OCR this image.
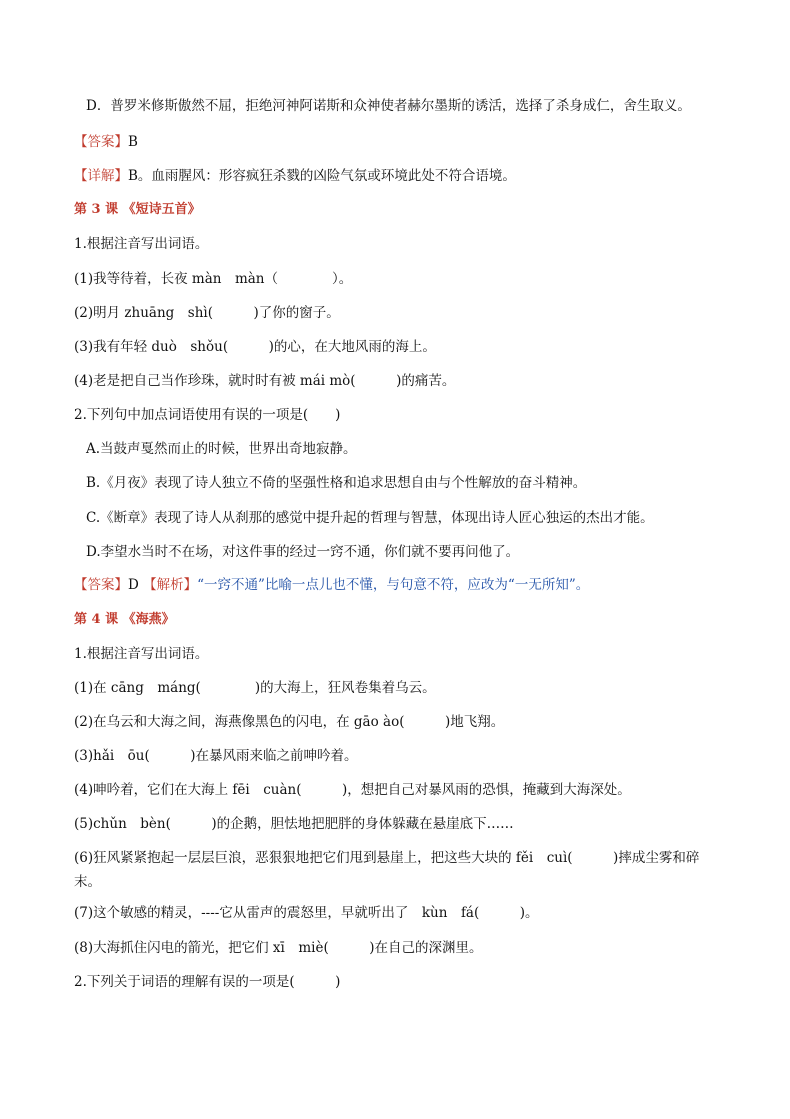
D．普罗米修斯傲然不屈，拒绝河神阿诺斯和众神使者赫尔墨斯的诱活，选择了杀身成仁，舍生取义。
【答案】B
【详解】B。血雨腥风：形容疯狂杀戮的凶险气氛或环境此处不符合语境。
第 3 课 《短诗五首》
1.根据注音写出词语。
(1)我等待着，长夜 màn　màn（　　　　）。
(2)明月 zhuāng　shì(　　　)了你的窗子。
(3)我有年轻 duò　shǒu(　　　)的心，在大地风雨的海上。
(4)老是把自己当作珍珠，就时时有被 mái mò(　　　)的痛苦。
2.下列句中加点词语使用有误的一项是(　　)
A.当鼓声戛然而止的时候，世界出奇地寂静。
B.《月夜》表现了诗人独立不倚的坚强性格和追求思想自由与个性解放的奋斗精神。
C.《断章》表现了诗人从刹那的感觉中提升起的哲理与智慧，体现出诗人匠心独运的杰出才能。
D.李望水当时不在场，对这件事的经过一窍不通，你们就不要再问他了。
【答案】D 【解析】“一窍不通”比喻一点儿也不懂，与句意不符，应改为“一无所知”。
第 4 课 《海燕》
1.根据注音写出词语。
(1)在 cāng　máng(　　　　)的大海上，狂风卷集着乌云。
(2)在乌云和大海之间，海燕像黑色的闪电，在 gāo ào(　　　)地飞翔。
(3)hǎi　ōu(　　　)在暴风雨来临之前呻吟着。
(4)呻吟着，它们在大海上 fēi　cuàn(　　　)，想把自己对暴风雨的恐惧，掩藏到大海深处。
(5)chǔn　bèn(　　　)的企鹅，胆怯地把肥胖的身体躲藏在悬崖底下……
(6)狂风紧紧抱起一层层巨浪，恶狠狠地把它们甩到悬崖上，把这些大块的 fěi　cuì(　　　)摔成尘雾和碎末。
(7)这个敏感的精灵，----它从雷声的震怒里，早就听出了　kùn　fá(　　　)。
(8)大海抓住闪电的箭光，把它们 xī　miè(　　　)在自己的深渊里。
2.下列关于词语的理解有误的一项是(　　　)
